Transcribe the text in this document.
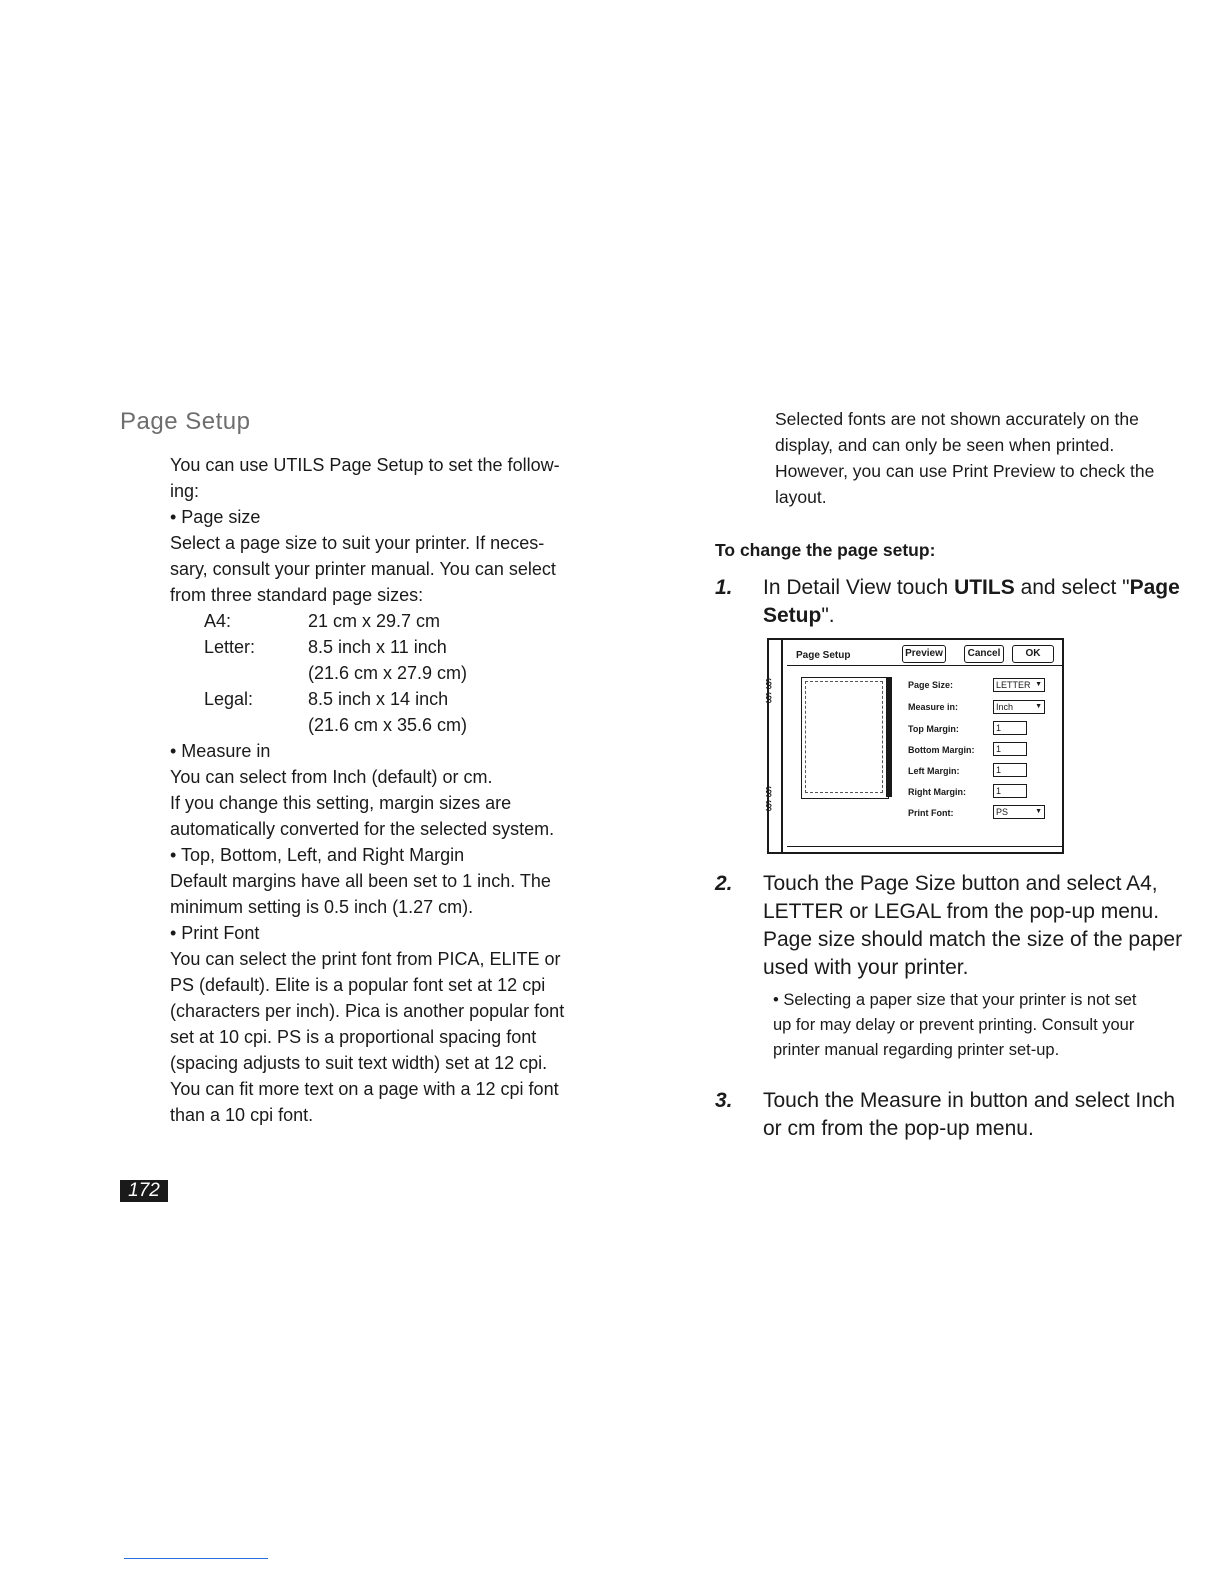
Page Setup

You can use UTILS Page Setup to set the follow-

ing:

• Page size

Select a page size to suit your printer. If neces-

sary, consult your printer manual. You can select

from three standard page sizes:

A4:	21 cm x 29.7 cm
Letter:	8.5 inch x 11 inch
(21.6 cm x 27.9 cm)
Legal:	8.5 inch x 14 inch
(21.6 cm x 35.6 cm)

• Measure in

You can select from Inch (default) or cm.

If you change this setting, margin sizes are

automatically converted for the selected system.

• Top, Bottom, Left, and Right Margin

Default margins have all been set to 1 inch. The

minimum setting is 0.5 inch (1.27 cm).

• Print Font

You can select the print font from PICA, ELITE or

PS (default). Elite is a popular font set at 12 cpi

(characters per inch). Pica is another popular font

set at 10 cpi. PS is a proportional spacing font

(spacing adjusts to suit text width) set at 12 cpi.

You can fit more text on a page with a 12 cpi font

than a 10 cpi font.

Selected fonts are not shown accurately on the
display, and can only be seen when printed.
However, you can use Print Preview to check the
layout.
To change the page setup:
1.	In Detail View touch UTILS and select "Page Setup".
§
§
§
§
Page Setup	Preview	Cancel	OK
Page Size:	LETTER ▼
Measure in:	Inch	▼
Top Margin:	1
Bottom Margin:	1
Left Margin:	1
Right Margin:	1
Print Font:	PS	▼
2.	Touch the Page Size button and select A4,
LETTER or LEGAL from the pop-up menu.
Page size should match the size of the paper
used with your printer.
• Selecting a paper size that your printer is not set
up for may delay or prevent printing. Consult your
printer manual regarding printer set-up.
3.	Touch the Measure in button and select Inch
or cm from the pop-up menu.
172
